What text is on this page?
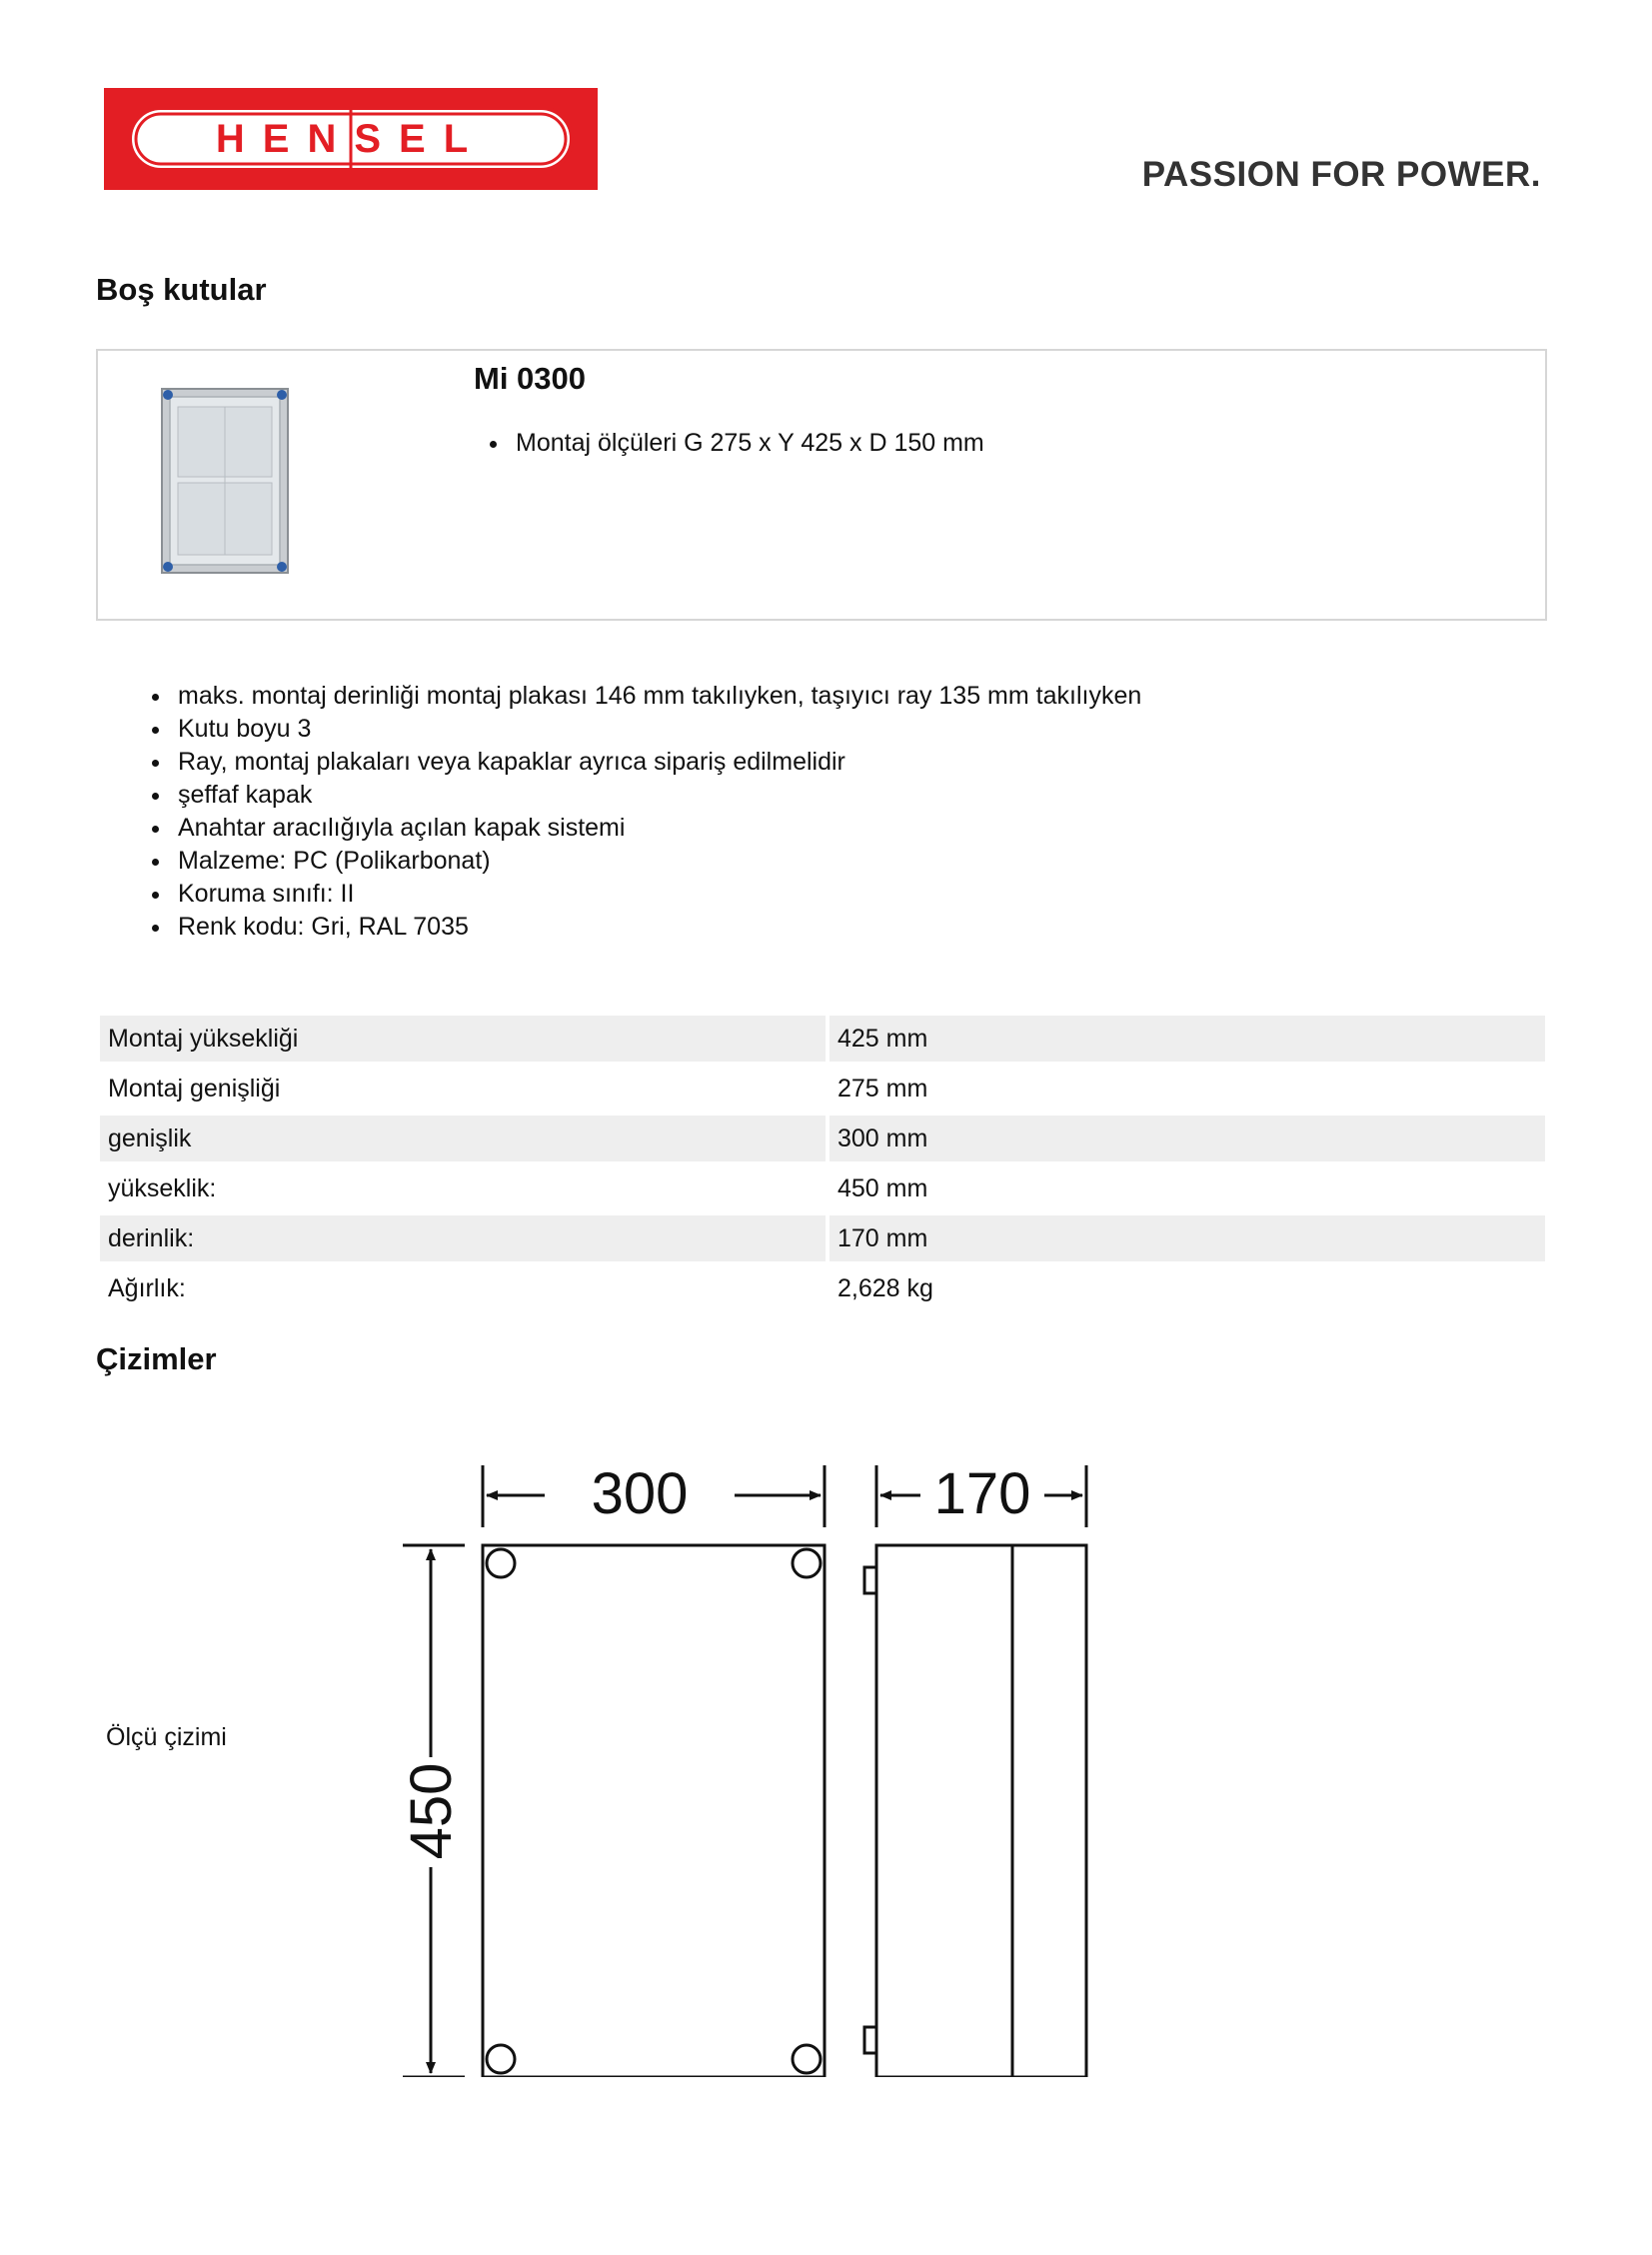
HENSEL
PASSION FOR POWER.
Boş kutular
Mi 0300
Montaj ölçüleri G 275 x Y 425 x D 150 mm
maks. montaj derinliği montaj plakası 146 mm takılıyken, taşıyıcı ray 135 mm takılıyken
Kutu boyu 3
Ray, montaj plakaları veya kapaklar ayrıca sipariş edilmelidir
şeffaf kapak
Anahtar aracılığıyla açılan kapak sistemi
Malzeme: PC (Polikarbonat)
Koruma sınıfı: II
Renk kodu: Gri, RAL 7035
Montaj yüksekliği		425 mm
Montaj genişliği		275 mm
genişlik		300 mm
yükseklik:		450 mm
derinlik:		170 mm
Ağırlık:		2,628 kg
Çizimler
Ölçü çizimi
300	170
450
